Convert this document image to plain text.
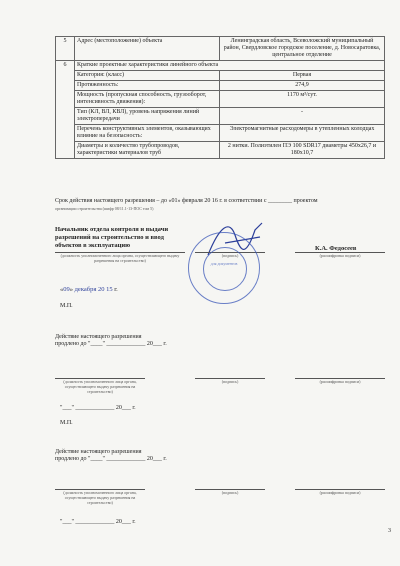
5	Адрес (местоположение) объекта	Ленинградская область, Всеволожский муниципальный район, Свердловское городское поселение, д. Новосаратовка, центральное отделение
6	Краткие проектные характеристики линейного объекта	
	Категория: (класс)	Первая
	Протяженность:	274,9
	Мощность (пропускная способность, грузооборот, интенсивность движения):	1170 м³/сут.
	Тип (КЛ, ВЛ, КВЛ), уровень напряжения линий электропередачи	-
	Перечень конструктивных элементов, оказывающих влияние на безопасность:	Электромагнитные расходомеры в утепленных колодцах
	Диаметры и количество трубопроводов, характеристики материалов труб	2 нитки. Полиэтилен ПЭ 100 SDR17 диаметры 450x26,7 и 180x10,7
Срок действия настоящего разрешения – до «01» февраля 20 16 г. в соответствии с ________ проектом
организации строительства (шифр 08/11.1-13-ПОС том 5)
Начальник отдела контроля и выдачи разрешений на строительство и ввод объектов в эксплуатацию
(должность уполномоченного лица органа, осуществляющего выдачу разрешения на строительство)
(подпись)
К.А. Федосеев
(расшифровка подписи)
для документов
«09» декабря 20 15 г.
М.П.
Действие настоящего разрешения
продлено до "____" _____________ 20___ г.
(должность уполномоченного лица органа, осуществляющего выдачу разрешения на строительство)
(подпись)	(расшифровка подписи)
"___" _____________ 20___ г.
М.П.
Действие настоящего разрешения
продлено до "____" _____________ 20___ г.
(должность уполномоченного лица органа, осуществляющего выдачу разрешения на строительство)
(подпись)	(расшифровка подписи)
"___" _____________ 20___ г.
3
